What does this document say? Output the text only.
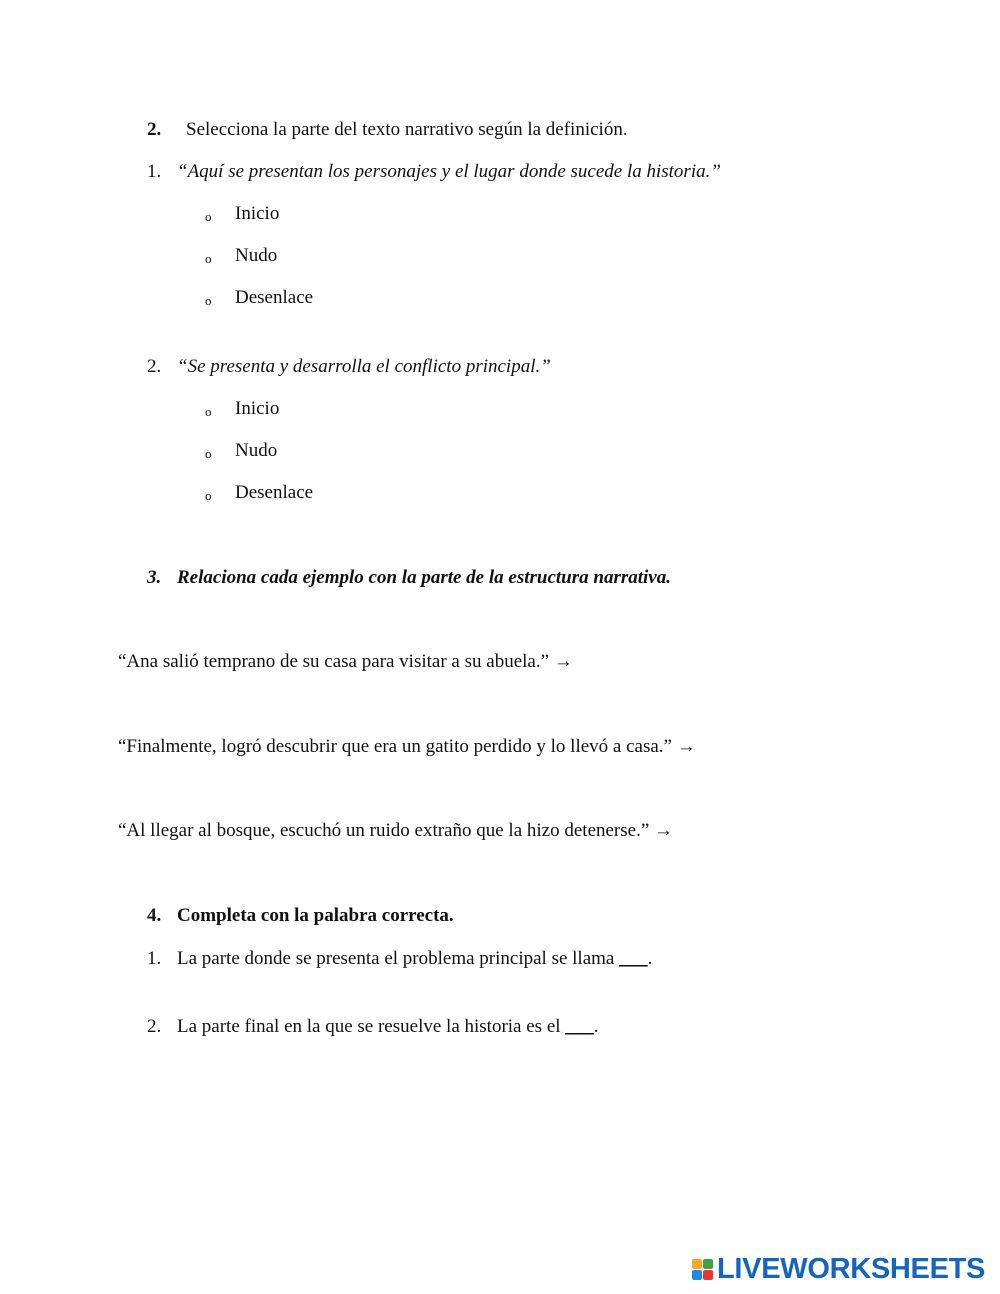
2. Selecciona la parte del texto narrativo según la definición.
1. “Aquí se presentan los personajes y el lugar donde sucede la historia.”
o Inicio
o Nudo
o Desenlace
2. “Se presenta y desarrolla el conflicto principal.”
o Inicio
o Nudo
o Desenlace
3. Relaciona cada ejemplo con la parte de la estructura narrativa.
“Ana salió temprano de su casa para visitar a su abuela.” →
“Finalmente, logró descubrir que era un gatito perdido y lo llevó a casa.” →
“Al llegar al bosque, escuchó un ruido extraño que la hizo detenerse.” →
4. Completa con la palabra correcta.
1. La parte donde se presenta el problema principal se llama ___.
2. La parte final en la que se resuelve la historia es el ___.
LIVEWORKSHEETS
